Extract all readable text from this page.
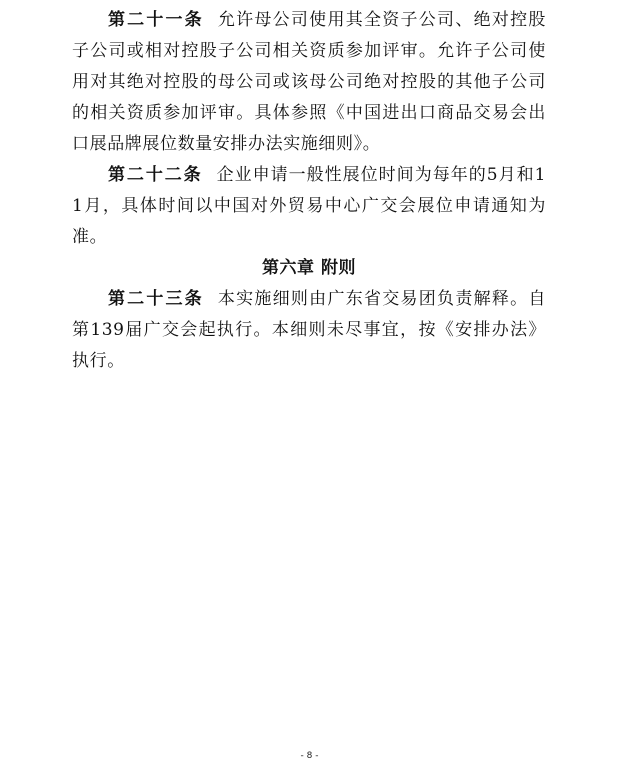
第二十一条 允许母公司使用其全资子公司、绝对控股子公司或相对控股子公司相关资质参加评审。允许子公司使用对其绝对控股的母公司或该母公司绝对控股的其他子公司的相关资质参加评审。具体参照《中国进出口商品交易会出口展品牌展位数量安排办法实施细则》。

第二十二条 企业申请一般性展位时间为每年的5月和11月，具体时间以中国对外贸易中心广交会展位申请通知为准。

第六章 附则

第二十三条 本实施细则由广东省交易团负责解释。自第139届广交会起执行。本细则未尽事宜，按《安排办法》执行。

- 8 -
